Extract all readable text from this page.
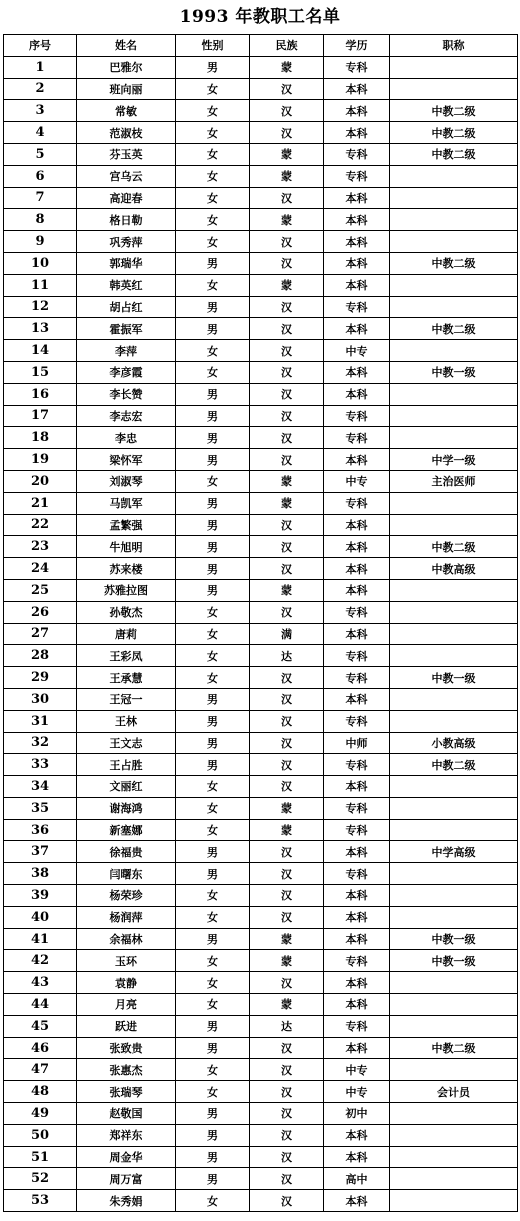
1993 年教职工名单
序号	姓名	性别	民族	学历	职称
1	巴雅尔	男	蒙	专科	
2	班向丽	女	汉	本科	
3	常敏	女	汉	本科	中教二级
4	范淑枝	女	汉	本科	中教二级
5	芬玉英	女	蒙	专科	中教二级
6	宫乌云	女	蒙	专科	
7	高迎春	女	汉	本科	
8	格日勒	女	蒙	本科	
9	巩秀萍	女	汉	本科	
10	郭瑞华	男	汉	本科	中教二级
11	韩英红	女	蒙	本科	
12	胡占红	男	汉	专科	
13	霍振军	男	汉	本科	中教二级
14	李萍	女	汉	中专	
15	李彦霞	女	汉	本科	中教一级
16	李长赞	男	汉	本科	
17	李志宏	男	汉	专科	
18	李忠	男	汉	专科	
19	梁怀军	男	汉	本科	中学一级
20	刘淑琴	女	蒙	中专	主治医师
21	马凯军	男	蒙	专科	
22	孟繁强	男	汉	本科	
23	牛旭明	男	汉	本科	中教二级
24	苏来楼	男	汉	本科	中教高级
25	苏雅拉图	男	蒙	本科	
26	孙敬杰	女	汉	专科	
27	唐莉	女	满	本科	
28	王彩凤	女	达	专科	
29	王承慧	女	汉	专科	中教一级
30	王冠一	男	汉	本科	
31	王林	男	汉	专科	
32	王文志	男	汉	中师	小教高级
33	王占胜	男	汉	专科	中教二级
34	文丽红	女	汉	本科	
35	谢海鸿	女	蒙	专科	
36	新塞娜	女	蒙	专科	
37	徐福贵	男	汉	本科	中学高级
38	闫曙东	男	汉	专科	
39	杨荣珍	女	汉	本科	
40	杨润萍	女	汉	本科	
41	余福林	男	蒙	本科	中教一级
42	玉环	女	蒙	专科	中教一级
43	袁静	女	汉	本科	
44	月亮	女	蒙	本科	
45	跃进	男	达	专科	
46	张致贵	男	汉	本科	中教二级
47	张惠杰	女	汉	中专	
48	张瑞琴	女	汉	中专	会计员
49	赵敬国	男	汉	初中	
50	郑祥东	男	汉	本科	
51	周金华	男	汉	本科	
52	周万富	男	汉	高中	
53	朱秀娟	女	汉	本科	
